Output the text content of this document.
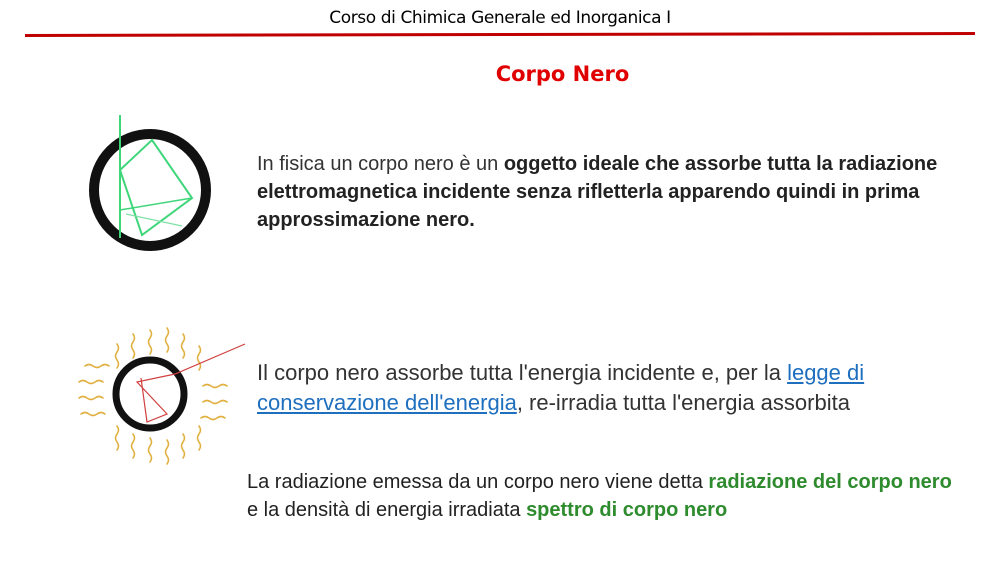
Corso di Chimica Generale ed Inorganica I
Corpo Nero

In fisica un corpo nero è un oggetto ideale che assorbe tutta la radiazione elettromagnetica incidente senza rifletterla apparendo quindi in prima approssimazione nero.

Il corpo nero assorbe tutta l'energia incidente e, per la legge di conservazione dell'energia, re-irradia tutta l'energia assorbita

La radiazione emessa da un corpo nero viene detta radiazione del corpo nero e la densità di energia irradiata spettro di corpo nero
